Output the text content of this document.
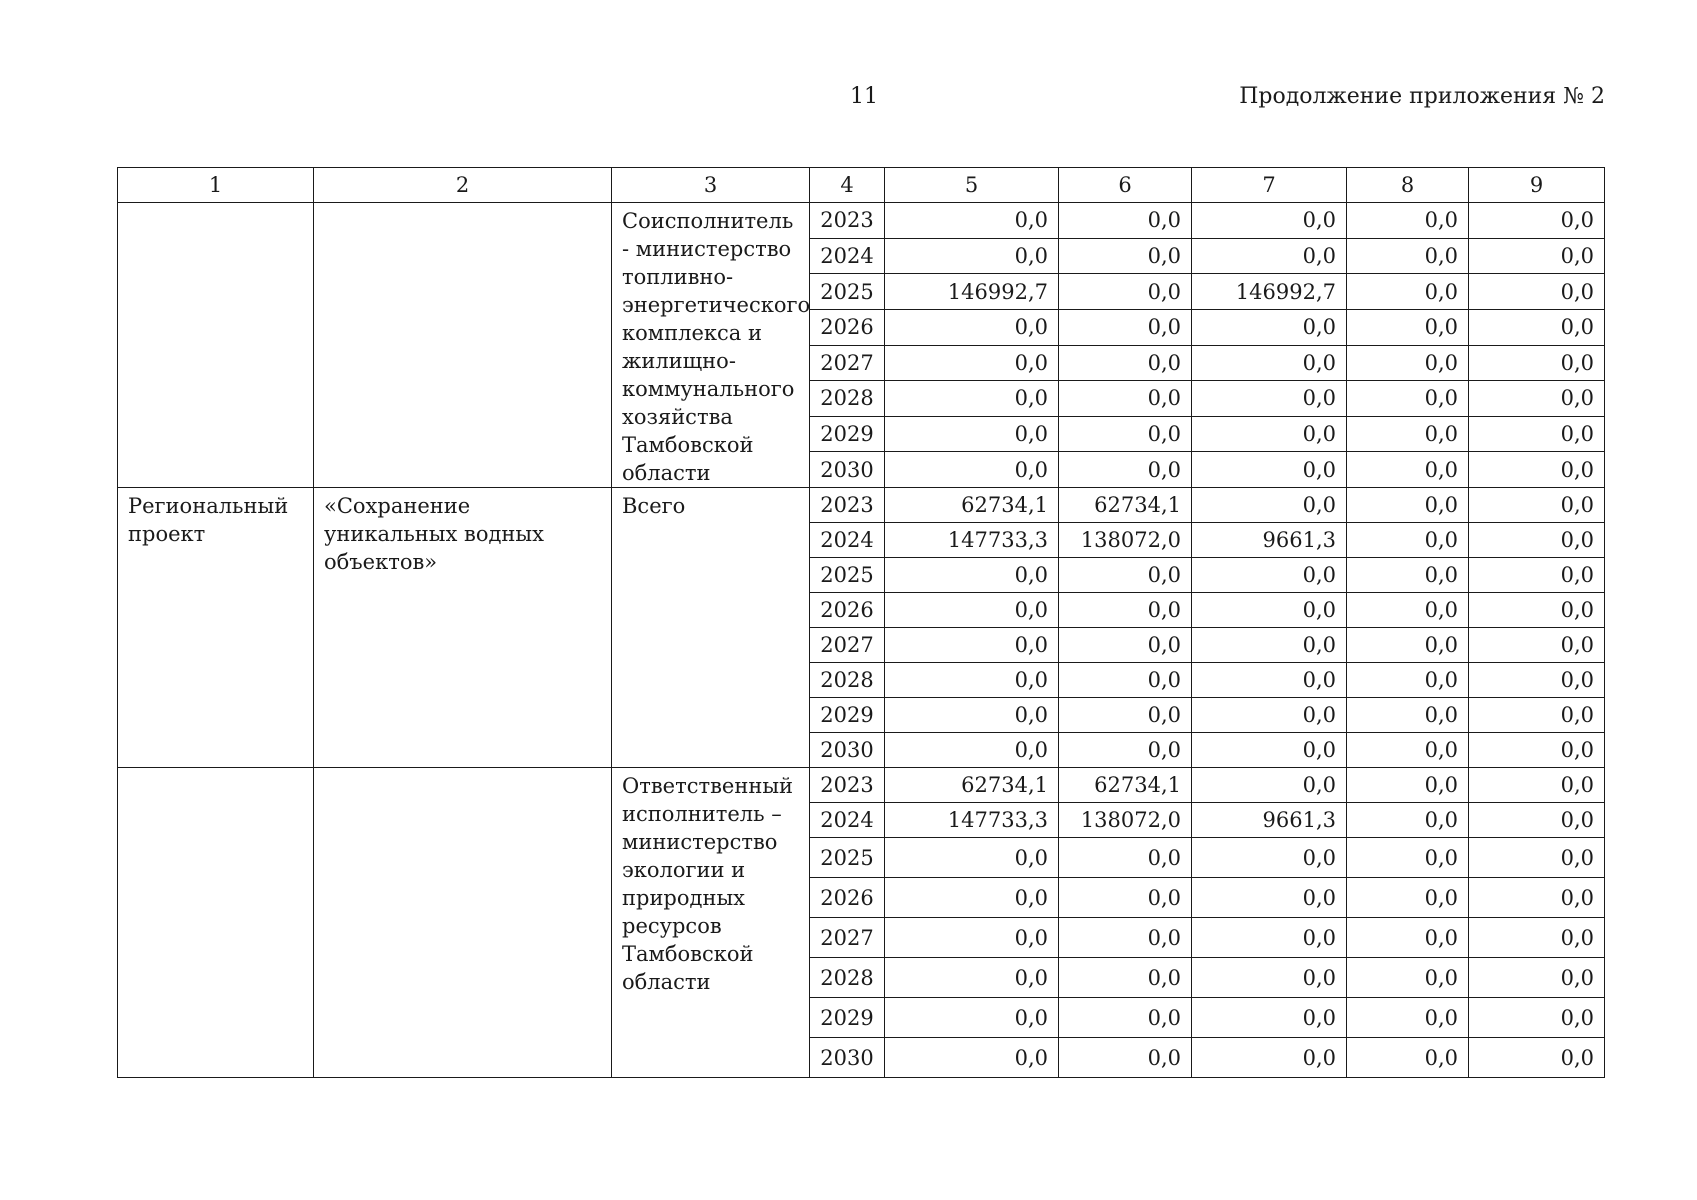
11	Продолжение приложения № 2
1	2	3	4	5	6	7	8	9
		Соисполнитель - министерство топливно-энергетического комплекса и жилищно-коммунального хозяйства Тамбовской области	2023	0,0	0,0	0,0	0,0	0,0
			2024	0,0	0,0	0,0	0,0	0,0
			2025	146992,7	0,0	146992,7	0,0	0,0
			2026	0,0	0,0	0,0	0,0	0,0
			2027	0,0	0,0	0,0	0,0	0,0
			2028	0,0	0,0	0,0	0,0	0,0
			2029	0,0	0,0	0,0	0,0	0,0
			2030	0,0	0,0	0,0	0,0	0,0
Региональный проект	«Сохранение уникальных водных объектов»	Всего	2023	62734,1	62734,1	0,0	0,0	0,0
			2024	147733,3	138072,0	9661,3	0,0	0,0
			2025	0,0	0,0	0,0	0,0	0,0
			2026	0,0	0,0	0,0	0,0	0,0
			2027	0,0	0,0	0,0	0,0	0,0
			2028	0,0	0,0	0,0	0,0	0,0
			2029	0,0	0,0	0,0	0,0	0,0
			2030	0,0	0,0	0,0	0,0	0,0
		Ответственный исполнитель – министерство экологии и природных ресурсов Тамбовской области	2023	62734,1	62734,1	0,0	0,0	0,0
			2024	147733,3	138072,0	9661,3	0,0	0,0
			2025	0,0	0,0	0,0	0,0	0,0
			2026	0,0	0,0	0,0	0,0	0,0
			2027	0,0	0,0	0,0	0,0	0,0
			2028	0,0	0,0	0,0	0,0	0,0
			2029	0,0	0,0	0,0	0,0	0,0
			2030	0,0	0,0	0,0	0,0	0,0
